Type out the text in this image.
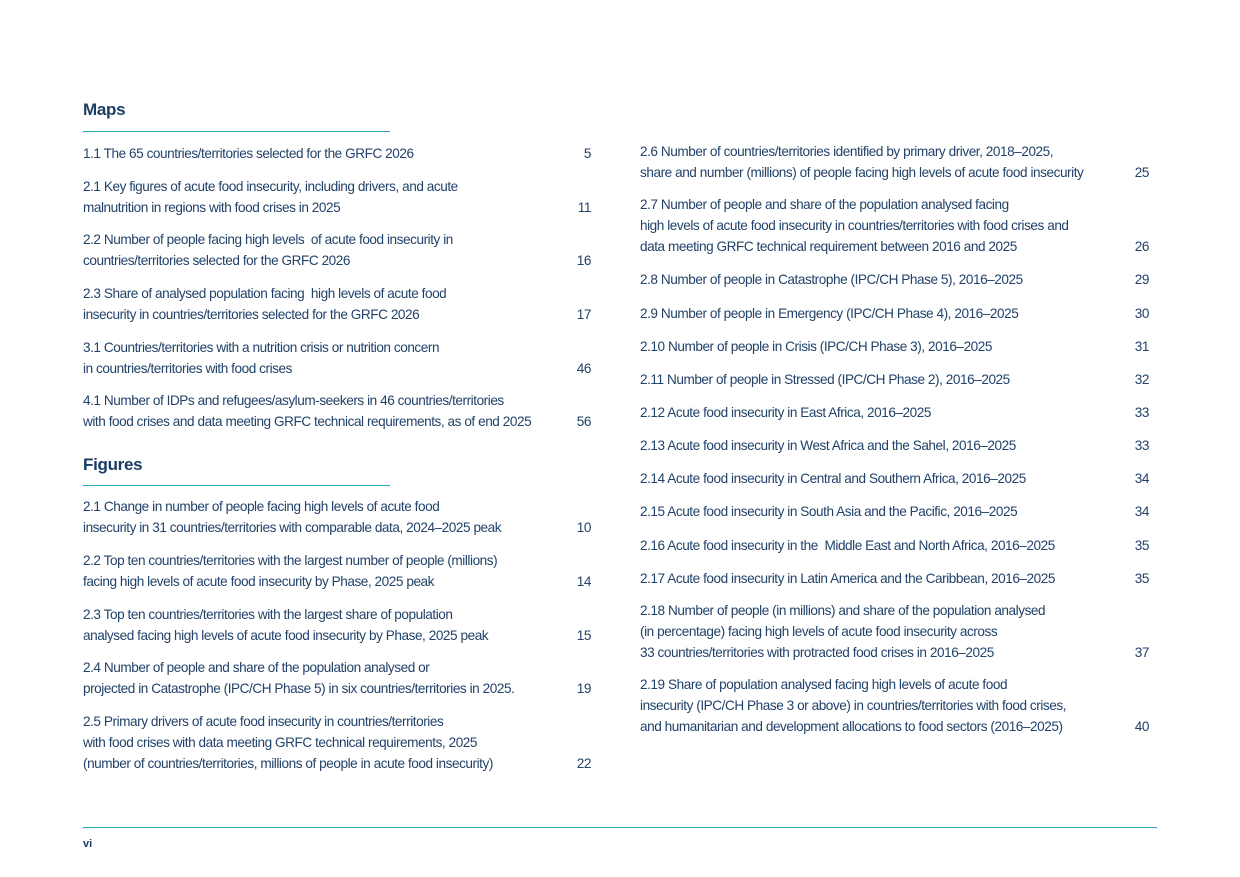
Maps
1.1 The 65 countries/territories selected for the GRFC 2026	5
2.1 Key figures of acute food insecurity, including drivers, and acute
malnutrition in regions with food crises in 2025	11
2.2 Number of people facing high levels  of acute food insecurity in
countries/territories selected for the GRFC 2026	16
2.3 Share of analysed population facing  high levels of acute food
insecurity in countries/territories selected for the GRFC 2026	17
3.1 Countries/territories with a nutrition crisis or nutrition concern
in countries/territories with food crises	46
4.1 Number of IDPs and refugees/asylum-seekers in 46 countries/territories
with food crises and data meeting GRFC technical requirements, as of end 2025	56
Figures
2.1 Change in number of people facing high levels of acute food
insecurity in 31 countries/territories with comparable data, 2024–2025 peak	10
2.2 Top ten countries/territories with the largest number of people (millions)
facing high levels of acute food insecurity by Phase, 2025 peak	14
2.3 Top ten countries/territories with the largest share of population
analysed facing high levels of acute food insecurity by Phase, 2025 peak	15
2.4 Number of people and share of the population analysed or
projected in Catastrophe (IPC/CH Phase 5) in six countries/territories in 2025.	19
2.5 Primary drivers of acute food insecurity in countries/territories
with food crises with data meeting GRFC technical requirements, 2025
(number of countries/territories, millions of people in acute food insecurity)	22
2.6 Number of countries/territories identified by primary driver, 2018–2025,
share and number (millions) of people facing high levels of acute food insecurity	25
2.7 Number of people and share of the population analysed facing
high levels of acute food insecurity in countries/territories with food crises and
data meeting GRFC technical requirement between 2016 and 2025	26
2.8 Number of people in Catastrophe (IPC/CH Phase 5), 2016–2025	29
2.9 Number of people in Emergency (IPC/CH Phase 4), 2016–2025	30
2.10 Number of people in Crisis (IPC/CH Phase 3), 2016–2025	31
2.11 Number of people in Stressed (IPC/CH Phase 2), 2016–2025	32
2.12 Acute food insecurity in East Africa, 2016–2025	33
2.13 Acute food insecurity in West Africa and the Sahel, 2016–2025	33
2.14 Acute food insecurity in Central and Southern Africa, 2016–2025	34
2.15 Acute food insecurity in South Asia and the Pacific, 2016–2025	34
2.16 Acute food insecurity in the  Middle East and North Africa, 2016–2025	35
2.17 Acute food insecurity in Latin America and the Caribbean, 2016–2025	35
2.18 Number of people (in millions) and share of the population analysed
(in percentage) facing high levels of acute food insecurity across
33 countries/territories with protracted food crises in 2016–2025	37
2.19 Share of population analysed facing high levels of acute food
insecurity (IPC/CH Phase 3 or above) in countries/territories with food crises,
and humanitarian and development allocations to food sectors (2016–2025)	40
vi
